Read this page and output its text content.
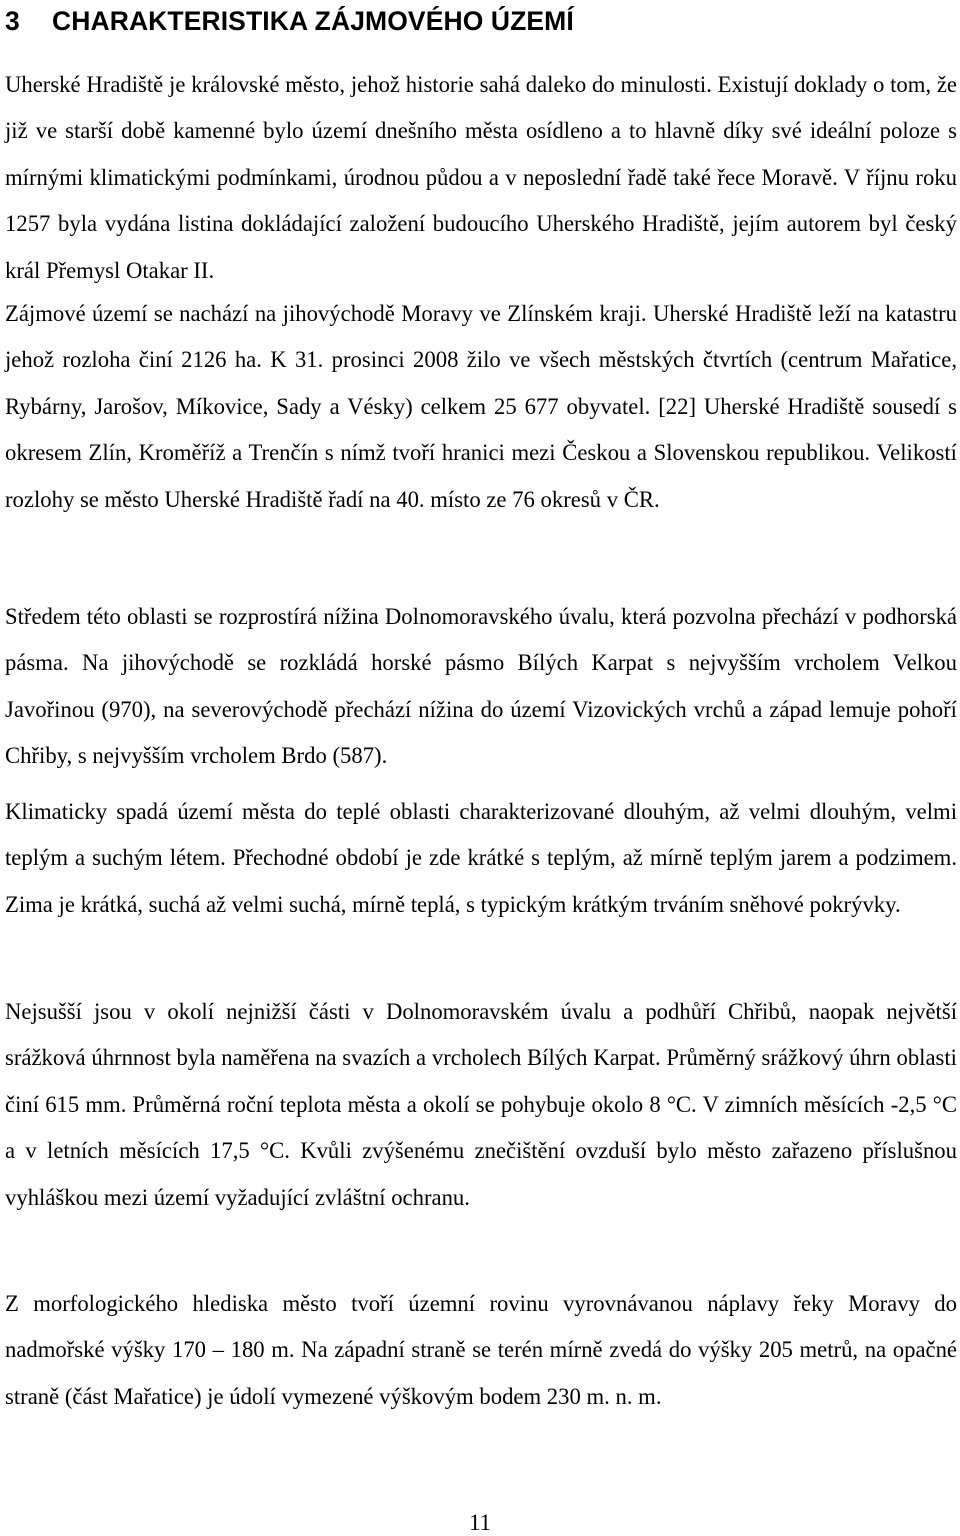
3 CHARAKTERISTIKA ZÁJMOVÉHO ÚZEMÍ

Uherské Hradiště je královské město, jehož historie sahá daleko do minulosti. Existují doklady o tom, že již ve starší době kamenné bylo území dnešního města osídleno a to hlavně díky své ideální poloze s mírnými klimatickými podmínkami, úrodnou půdou a v neposlední řadě také řece Moravě. V říjnu roku 1257 byla vydána listina dokládající založení budoucího Uherského Hradiště, jejím autorem byl český král Přemysl Otakar II.

Zájmové území se nachází na jihovýchodě Moravy ve Zlínském kraji. Uherské Hradiště leží na katastru jehož rozloha činí 2126 ha. K 31. prosinci 2008 žilo ve všech městských čtvrtích (centrum Mařatice, Rybárny, Jarošov, Míkovice, Sady a Vésky) celkem 25 677 obyvatel. [22] Uherské Hradiště sousedí s okresem Zlín, Kroměříž a Trenčín s nímž tvoří hranici mezi Českou a Slovenskou republikou. Velikostí rozlohy se město Uherské Hradiště řadí na 40. místo ze 76 okresů v ČR.

Středem této oblasti se rozprostírá nížina Dolnomoravského úvalu, která pozvolna přechází v podhorská pásma. Na jihovýchodě se rozkládá horské pásmo Bílých Karpat s nejvyšším vrcholem Velkou Javořinou (970), na severovýchodě přechází nížina do území Vizovických vrchů a západ lemuje pohoří Chřiby, s nejvyšším vrcholem Brdo (587).

Klimaticky spadá území města do teplé oblasti charakterizované dlouhým, až velmi dlouhým, velmi teplým a suchým létem. Přechodné období je zde krátké s teplým, až mírně teplým jarem a podzimem. Zima je krátká, suchá až velmi suchá, mírně teplá, s typickým krátkým trváním sněhové pokrývky.

Nejsušší jsou v okolí nejnižší části v Dolnomoravském úvalu a podhůří Chřibů, naopak největší srážková úhrnnost byla naměřena na svazích a vrcholech Bílých Karpat. Průměrný srážkový úhrn oblasti činí 615 mm. Průměrná roční teplota města a okolí se pohybuje okolo 8 °C. V zimních měsících -2,5 °C a v letních měsících 17,5 °C. Kvůli zvýšenému znečištění ovzduší bylo město zařazeno příslušnou vyhláškou mezi území vyžadující zvláštní ochranu.

Z morfologického hlediska město tvoří územní rovinu vyrovnávanou náplavy řeky Moravy do nadmořské výšky 170 – 180 m. Na západní straně se terén mírně zvedá do výšky 205 metrů, na opačné straně (část Mařatice) je údolí vymezené výškovým bodem 230 m. n. m.

11
